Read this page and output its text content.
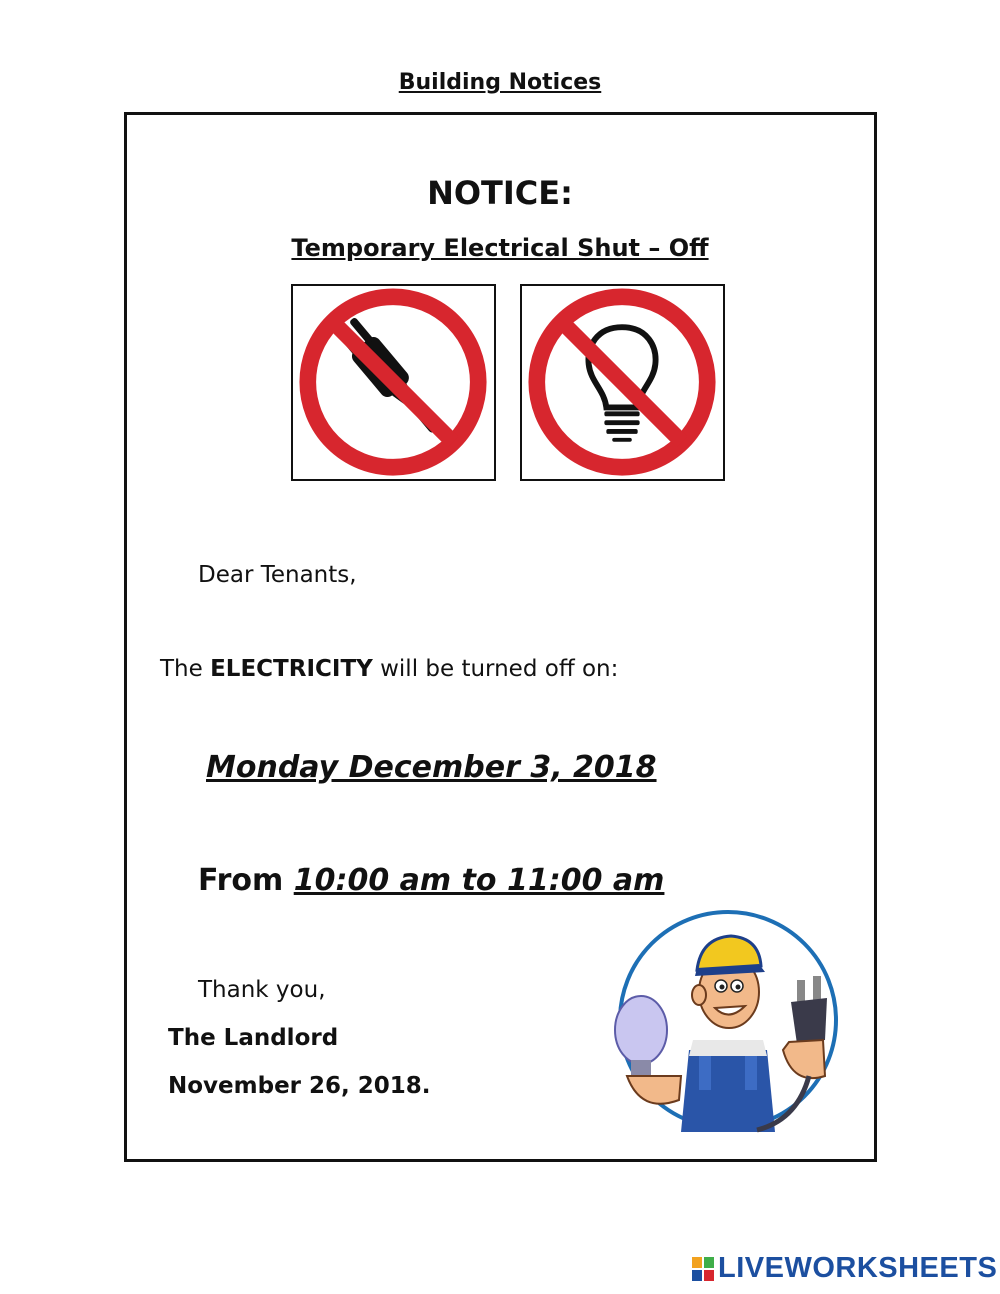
Building Notices
NOTICE:
Temporary Electrical Shut – Off
Dear Tenants,
The ELECTRICITY will be turned off on:
Monday December 3, 2018
From 10:00 am to 11:00 am
Thank you,
The Landlord
November 26, 2018.
LIVEWORKSHEETS
